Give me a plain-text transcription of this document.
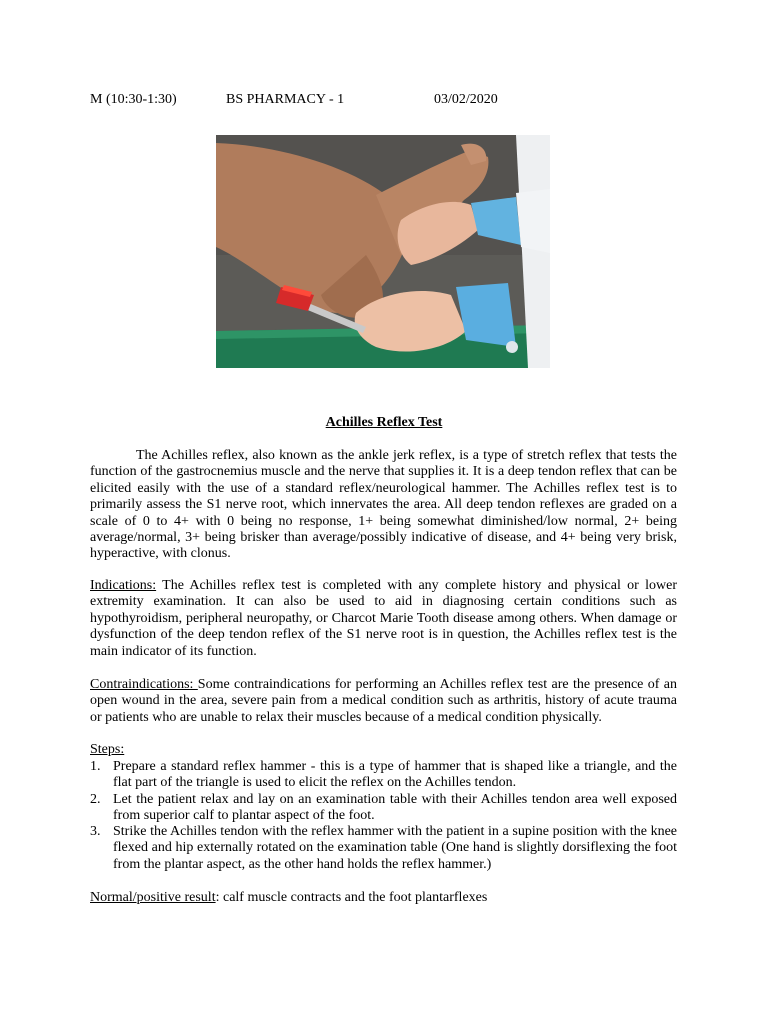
M (10:30-1:30)	BS PHARMACY - 1	03/02/2020
Achilles Reflex Test
The Achilles reflex, also known as the ankle jerk reflex, is a type of stretch reflex that tests the function of the gastrocnemius muscle and the nerve that supplies it. It is a deep tendon reflex that can be elicited easily with the use of a standard reflex/neurological hammer. The Achilles reflex test is to primarily assess the S1 nerve root, which innervates the area. All deep tendon reflexes are graded on a scale of 0 to 4+ with 0 being no response, 1+ being somewhat diminished/low normal, 2+ being average/normal, 3+ being brisker than average/possibly indicative of disease, and 4+ being very brisk, hyperactive, with clonus.
Indications: The Achilles reflex test is completed with any complete history and physical or lower extremity examination. It can also be used to aid in diagnosing certain conditions such as hypothyroidism, peripheral neuropathy, or Charcot Marie Tooth disease among others. When damage or dysfunction of the deep tendon reflex of the S1 nerve root is in question, the Achilles reflex test is the main indicator of its function.
Contraindications: Some contraindications for performing an Achilles reflex test are the presence of an open wound in the area, severe pain from a medical condition such as arthritis, history of acute trauma or patients who are unable to relax their muscles because of a medical condition physically.
Steps:
1. Prepare a standard reflex hammer - this is a type of hammer that is shaped like a triangle, and the flat part of the triangle is used to elicit the reflex on the Achilles tendon.
2. Let the patient relax and lay on an examination table with their Achilles tendon area well exposed from superior calf to plantar aspect of the foot.
3. Strike the Achilles tendon with the reflex hammer with the patient in a supine position with the knee flexed and hip externally rotated on the examination table (One hand is slightly dorsiflexing the foot from the plantar aspect, as the other hand holds the reflex hammer.)
Normal/positive result: calf muscle contracts and the foot plantarflexes
